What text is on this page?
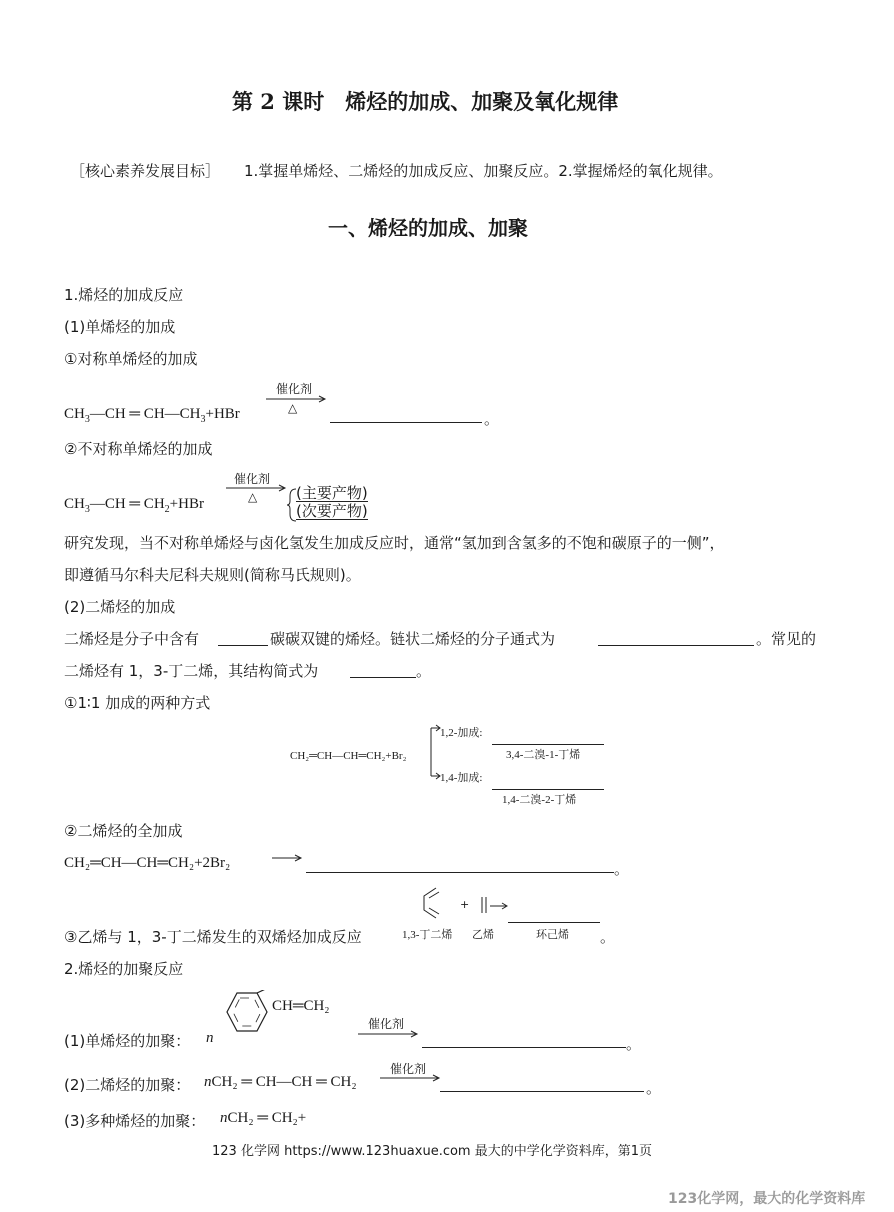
第 2 课时　烯烃的加成、加聚及氧化规律
［核心素养发展目标］ 1.掌握单烯烃、二烯烃的加成反应、加聚反应。2.掌握烯烃的氧化规律。
一、烯烃的加成、加聚
1.烯烃的加成反应
(1)单烯烃的加成
①对称单烯烃的加成
催化剂
△
$CH_3—CH$ ═ $CH—CH_3+HBr$	。
②不对称单烯烃的加成
催化剂
△
$CH_3—CH$ ═ $CH_2+HBr$
(主要产物)
(次要产物)
研究发现，当不对称单烯烃与卤化氢发生加成反应时，通常“氢加到含氢多的不饱和碳原子的一侧”，
即遵循马尔科夫尼科夫规则(简称马氏规则)。
(2)二烯烃的加成
二烯烃是分子中含有	碳碳双键的烯烃。链状二烯烃的分子通式为	。常见的
二烯烃有 1，3-丁二烯，其结构简式为	。
①1∶1 加成的两种方式
CH₂═CH—CH═CH₂+Br₂
1,2-加成:
1,4-加成:
3,4-二溴-1-丁烯
1,4-二溴-2-丁烯
②二烯烃的全加成
CH₂═CH—CH═CH₂+2Br₂	。
+ →
③乙烯与 1，3-丁二烯发生的双烯烃加成反应	1,3-丁二烯 乙烯	环己烯 。
2.烯烃的加聚反应
CH═CH₂
(1)单烯烃的加聚： n
催化剂
。
(2)二烯烃的加聚： nCH₂ ═ CH—CH ═ CH₂
催化剂
。
(3)多种烯烃的加聚： nCH₂ ═ CH₂+
123 化学网 https://www.123huaxue.com 最大的中学化学资料库，第1页
123化学网，最大的化学资料库
